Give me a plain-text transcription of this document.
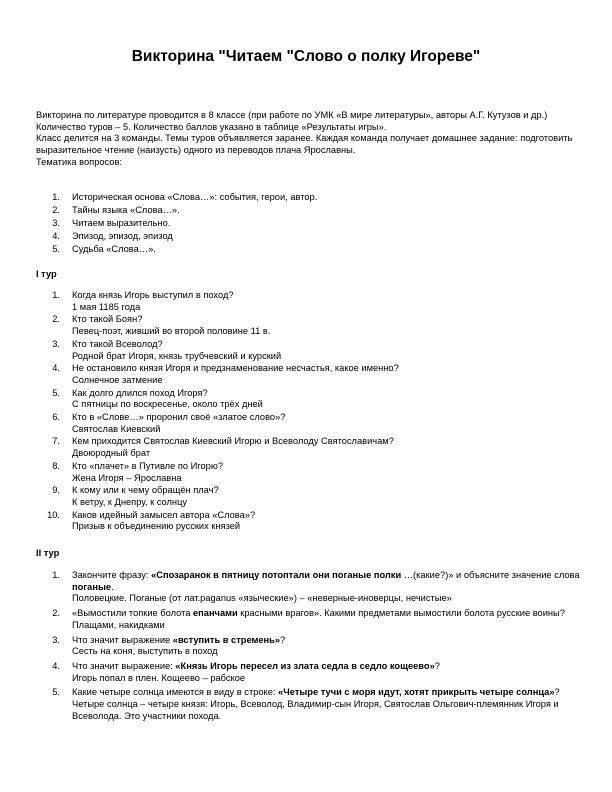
Викторина "Читаем "Слово о полку Игореве"

Викторина по литературе проводится в 8 классе (при работе по УМК «В мире литературы», авторы А.Г. Кутузов и др.)

Количество туров – 5. Количество баллов указано в таблице «Результаты игры».

Класс делится на 3 команды. Темы туров объявляется заранее. Каждая команда получает домашнее задание: подготовить выразительное чтение (наизусть) одного из переводов плача Ярославны.

Тематика вопросов:

1.	Историческая основа «Слова…»: события, герои, автор.
2.	Тайны языка «Слова…».
3.	Читаем выразительно.
4.	Эпизод, эпизод, эпизод
5.	Судьба «Слова…».
I тур
1.	Когда князь Игорь выступил в поход?
1 мая 1185 года
2.	Кто такой Боян?
Певец-поэт, живший во второй половине 11 в.
3.	Кто такой Всеволод?
Родной брат Игоря, князь трубчевский и курский
4.	Не остановило князя Игоря и предзнаменование несчастья, какое именно?
Солнечное затмение
5.	Как долго длился поход Игоря?
С пятницы по воскресенье, около трёх дней
6.	Кто в «Слове…» проронил своё «златое слово»?
Святослав Киевский
7.	Кем приходится Святослав Киевский Игорю и Всеволоду Святославичам?
Двоюродный брат
8.	Кто «плачет» в Путивле по Игорю?
Жена Игоря – Ярославна
9.	К кому или к чему обращён плач?
К ветру, к Днепру, к солнцу
10.	Каков идейный замысел автора «Слова»?
Призыв к объединению русских князей
II тур
1.	Закончите фразу: «Спозаранок в пятницу потоптали они поганые полки …(какие?)» и объясните значение слова поганые.
Половецкие. Поганые (от лат.paganus «языческие») – «неверные-иноверцы, нечистые»
2.	«Вымостили топкие болота епанчами красными врагов». Какими предметами вымостили болота русские воины?
Плащами, накидками
3.	Что значит выражение «вступить в стремень»?
Сесть на коня, выступить в поход
4.	Что значит выражение: «Князь Игорь пересел из злата седла в седло кощеево»?
Игорь попал в плен. Кощеево – рабское
5.	Какие четыре солнца имеются в виду в строке: «Четыре тучи с моря идут, хотят прикрыть четыре солнца»?
Четыре солнца – четыре князя: Игорь, Всеволод, Владимир-сын Игоря, Святослав Ольгович-племянник Игоря и Всеволода. Это участники похода.
